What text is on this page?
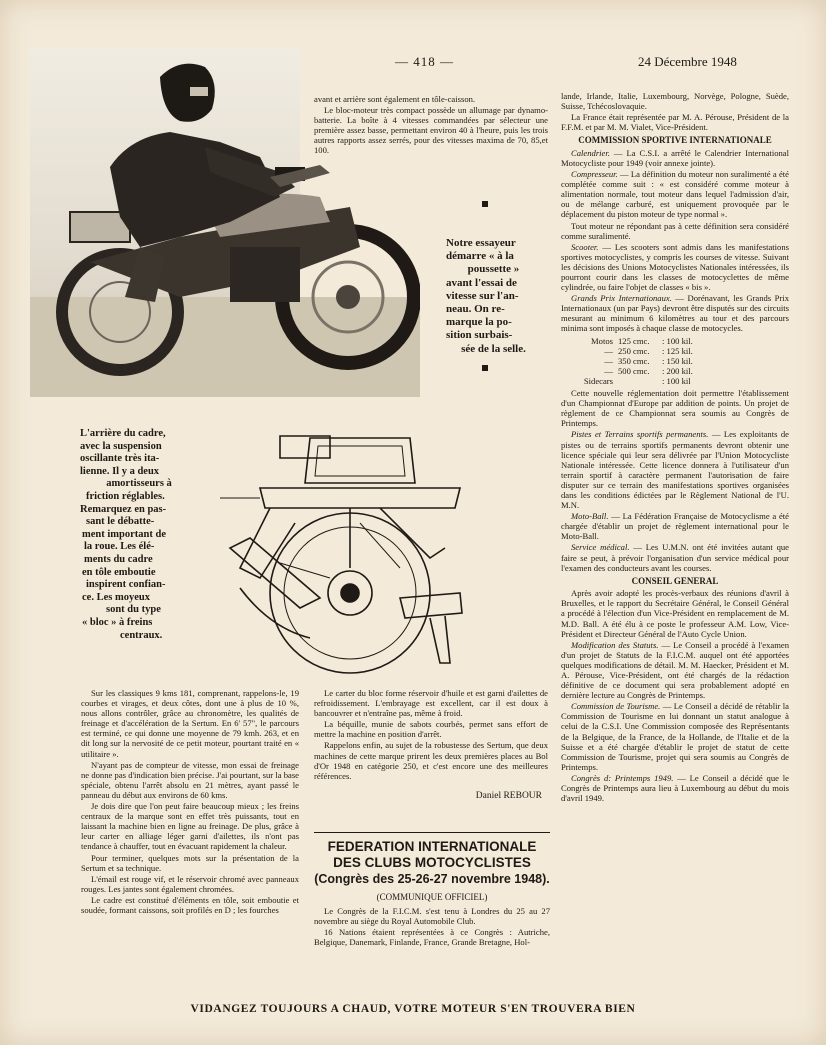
— 418 —	24 Décembre 1948
Notre essayeur
démarre « à la
poussette »
avant l'essai de
vitesse sur l'an-
neau. On re-
marque la po-
sition surbais-
sée de la selle.

avant et arrière sont également en tôle-caisson.

Le bloc-moteur très compact possède un allumage par dynamo-batterie. La boîte à 4 vitesses commandées par sélecteur une première assez basse, permettant environ 40 à l'heure, puis les trois autres rapports assez serrés, pour des vitesses maxima de 70, 85,et 100.

L'arrière du cadre,
avec la suspension
oscillante très ita-
lienne. Il y a deux
amortisseurs à
friction réglables.
Remarquez en pas-
sant le débatte-
ment important de
la roue. Les élé-
ments du cadre
en tôle emboutie
inspirent confian-
ce. Les moyeux
sont du type
« bloc » à freins
centraux.

Sur les classiques 9 kms 181, comprenant, rappelons-le, 19 courbes et virages, et deux côtes, dont une à plus de 10 %, nous allons contrôler, grâce au chronomètre, les qualités de freinage et d'accélération de la Sertum. En 6' 57", le parcours est terminé, ce qui donne une moyenne de 79 kmh. 263, et en dit long sur la nervosité de ce petit moteur, pourtant traité en « utilitaire ».

N'ayant pas de compteur de vitesse, mon essai de freinage ne donne pas d'indication bien précise. J'ai pourtant, sur la base spéciale, obtenu l'arrêt absolu en 21 mètres, ayant passé le panneau du début aux environs de 60 kms.

Je dois dire que l'on peut faire beaucoup mieux ; les freins centraux de la marque sont en effet très puissants, tout en laissant la machine bien en ligne au freinage. De plus, grâce à leur carter en alliage léger garni d'ailettes, ils n'ont pas tendance à chauffer, tout en évacuant rapidement la chaleur.

Pour terminer, quelques mots sur la présentation de la Sertum et sa technique.

L'émail est rouge vif, et le réservoir chromé avec panneaux rouges. Les jantes sont également chromées.

Le cadre est constitué d'éléments en tôle, soit emboutie et soudée, formant caissons, soit profilés en D ; les fourches

Le carter du bloc forme réservoir d'huile et est garni d'ailettes de refroidissement. L'embrayage est excellent, car il est doux à bancouvrer et n'entraîne pas, même à froid.

La béquille, munie de sabots courbés, permet sans effort de mettre la machine en position d'arrêt.

Rappelons enfin, au sujet de la robustesse des Sertum, que deux machines de cette marque prirent les deux premières places au Bol d'Or 1948 en catégorie 250, et c'est encore une des meilleures références.

Daniel REBOUR
FEDERATION INTERNATIONALE DES CLUBS MOTOCYCLISTES
(Congrès des 25-26-27 novembre 1948).
(COMMUNIQUE OFFICIEL)

Le Congrès de la F.I.C.M. s'est tenu à Londres du 25 au 27 novembre au siège du Royal Automobile Club.

16 Nations étaient représentées à ce Congrès : Autriche, Belgique, Danemark, Finlande, France, Grande Bretagne, Hol-

lande, Irlande, Italie, Luxembourg, Norvège, Pologne, Suède, Suisse, Tchécoslovaquie.

La France était représentée par M. A. Pérouse, Président de la F.F.M. et par M. M. Vialet, Vice-Président.

COMMISSION SPORTIVE INTERNATIONALE

Calendrier. — La C.S.I. a arrêté le Calendrier International Motocycliste pour 1949 (voir annexe jointe).

Compresseur. — La définition du moteur non suralimenté a été complétée comme suit : « est considéré comme moteur à alimentation normale, tout moteur dans lequel l'admission d'air, ou de mélange carburé, est uniquement provoquée par le déplacement du piston moteur de type normal ».

Tout moteur ne répondant pas à cette définition sera considéré comme suralimenté.

Scooter. — Les scooters sont admis dans les manifestations sportives motocyclistes, y compris les courses de vitesse. Suivant les décisions des Unions Motocyclistes Nationales intéressées, ils pourront courir dans les classes de motocyclettes de même cylindrée, ou faire l'objet de classes « bis ».

Grands Prix Internationaux. — Dorénavant, les Grands Prix Internationaux (un par Pays) devront être disputés sur des circuits mesurant au minimum 6 kilomètres au tour et des parcours minima sont imposés à chaque classe de motocycles.

Motos 125 cmc.	: 100 kil.
— 250 cmc.	: 125 kil.
— 350 cmc.	: 150 kil.
— 500 cmc.	: 200 kil.
Sidecars	: 100 kil

Cette nouvelle réglementation doit permettre l'établissement d'un Championnat d'Europe par addition de points. Un projet de règlement de ce Championnat sera soumis au Congrès de Printemps.

Pistes et Terrains sportifs permanents. — Les exploitants de pistes ou de terrains sportifs permanents devront obtenir une licence spéciale qui leur sera délivrée par l'Union Motocycliste Nationale intéressée. Cette licence donnera à l'utilisateur d'un terrain sportif à caractère permanent l'autorisation de faire disputer sur ce terrain des manifestations sportives organisées dans les conditions édictées par le Règlement National de l'U. M.N.

Moto-Ball. — La Fédération Française de Motocyclisme a été chargée d'établir un projet de règlement international pour le Moto-Ball.

Service médical. — Les U.M.N. ont été invitées autant que faire se peut, à prévoir l'organisation d'un service médical pour l'examen des conducteurs avant les courses.

CONSEIL GENERAL

Après avoir adopté les procès-verbaux des réunions d'avril à Bruxelles, et le rapport du Secrétaire Général, le Conseil Général a procédé à l'élection d'un Vice-Président en remplacement de M. M.D. Ball. A été élu à ce poste le professeur A.M. Low, Vice-Président et Directeur Général de l'Auto Cycle Union.

Modification des Statuts. — Le Conseil a procédé à l'examen d'un projet de Statuts de la F.I.C.M. auquel ont été apportées quelques modifications de détail. M. M. Haecker, Président et M. A. Pérouse, Vice-Président, ont été chargés de la rédaction définitive de ce document qui sera probablement adopté en dernière lecture au Congrès de Printemps.

Commission de Tourisme. — Le Conseil a décidé de rétablir la Commission de Tourisme en lui donnant un statut analogue à celui de la C.S.I. Une Commission composée des Représentants de la Belgique, de la France, de la Hollande, de l'Italie et de la Suisse et a été chargée d'établir le projet de statut de cette Commission de Tourisme, projet qui sera soumis au Congrès de Printemps.

Congrès d: Printemps 1949. — Le Conseil a décidé que le Congrès de Printemps aura lieu à Luxembourg au début du mois d'avril 1949.

VIDANGEZ TOUJOURS A CHAUD, VOTRE MOTEUR S'EN TROUVERA BIEN
